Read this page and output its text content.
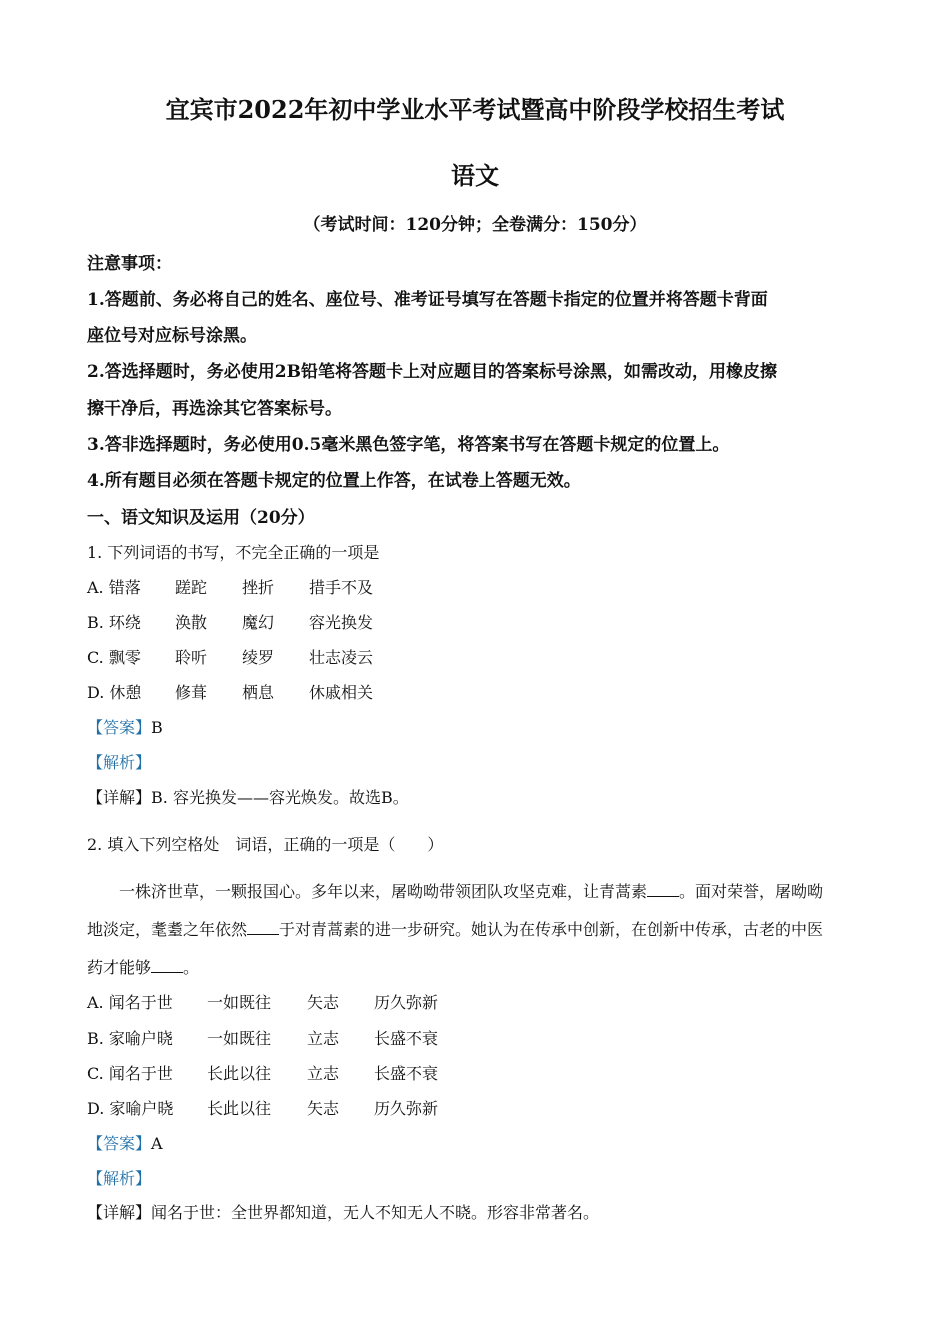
宜宾市2022年初中学业水平考试暨高中阶段学校招生考试
语文
（考试时间：120分钟；全卷满分：150分）
注意事项：
1.答题前、务必将自己的姓名、座位号、准考证号填写在答题卡指定的位置并将答题卡背面
座位号对应标号涂黑。
2.答选择题时，务必使用2B铅笔将答题卡上对应题目的答案标号涂黑，如需改动，用橡皮擦
擦干净后，再选涂其它答案标号。
3.答非选择题时，务必使用0.5毫米黑色签字笔，将答案书写在答题卡规定的位置上。
4.所有题目必须在答题卡规定的位置上作答，在试卷上答题无效。
一、语文知识及运用（20分）
1. 下列词语的书写，不完全正确的一项是
A. 错落 蹉跎 挫折 措手不及
B. 环绕 涣散 魔幻 容光换发
C. 飘零 聆听 绫罗 壮志凌云
D. 休憩 修葺 栖息 休戚相关
【答案】B
【解析】
【详解】B. 容光换发——容光焕发。故选B。
2. 填入下列空格处　词语，正确的一项是（　　）
一株济世草，一颗报国心。多年以来，屠呦呦带领团队攻坚克难，让青蒿素 。面对荣誉，屠呦呦
地淡定，耄耋之年依然 于对青蒿素的进一步研究。她认为在传承中创新，在创新中传承，古老的中医
药才能够 。
A. 闻名于世 一如既往 矢志 历久弥新
B. 家喻户晓 一如既往 立志 长盛不衰
C. 闻名于世 长此以往 立志 长盛不衰
D. 家喻户晓 长此以往 矢志 历久弥新
【答案】A
【解析】
【详解】闻名于世：全世界都知道，无人不知无人不晓。形容非常著名。
